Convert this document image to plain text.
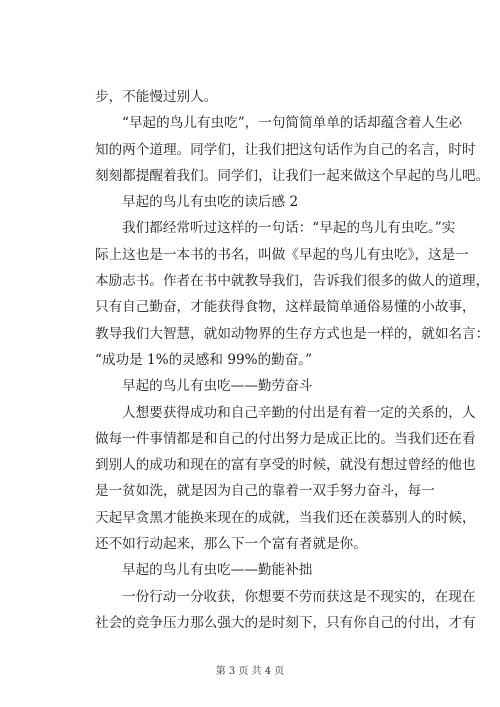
步，不能慢过别人。
“早起的鸟儿有虫吃”，一句简简单单的话却蕴含着人生必
知的两个道理。同学们，让我们把这句话作为自己的名言，时时
刻刻都提醒着我们。同学们，让我们一起来做这个早起的鸟儿吧。
早起的鸟儿有虫吃的读后感 2
我们都经常听过这样的一句话：“早起的鸟儿有虫吃。”实
际上这也是一本书的书名，叫做《早起的鸟儿有虫吃》，这是一
本励志书。作者在书中就教导我们，告诉我们很多的做人的道理，
只有自己勤奋，才能获得食物，这样最简单通俗易懂的小故事，
教导我们大智慧，就如动物界的生存方式也是一样的，就如名言：
“成功是 1%的灵感和 99%的勤奋。”
早起的鸟儿有虫吃——勤劳奋斗
人想要获得成功和自己辛勤的付出是有着一定的关系的，人
做每一件事情都是和自己的付出努力是成正比的。当我们还在看
到别人的成功和现在的富有享受的时候，就没有想过曾经的他也
是一贫如洗，就是因为自己的靠着一双手努力奋斗，每一
天起早贪黑才能换来现在的成就，当我们还在羡慕别人的时候，
还不如行动起来，那么下一个富有者就是你。
早起的鸟儿有虫吃——勤能补拙
一份行动一分收获，你想要不劳而获这是不现实的，在现在
社会的竞争压力那么强大的是时刻下，只有你自己的付出，才有
第 3 页 共 4 页
